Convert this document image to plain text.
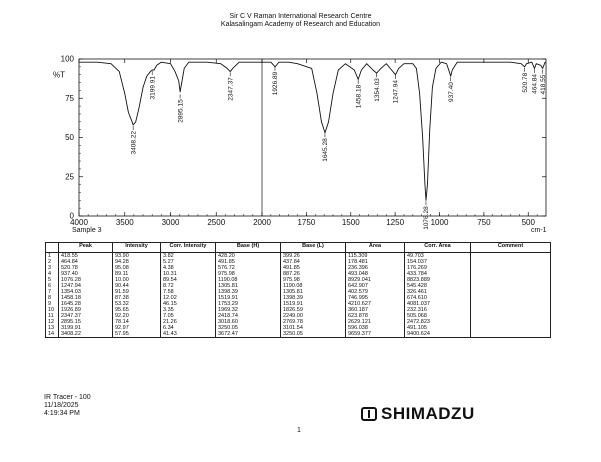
Sir C V Raman International Research Centre
Kalasalingam Academy of Research and Education
0
25
50
75
100
%T
4000	3500	3000	2500	2000	1750	1500	1250	1000	750	500
3408.22
3199.91
2895.15
2347.37	1926.89
1645.28
1458.18 1354.03 1247.94
1076.28
937.40	520.78 464.84 418.55
Sample 3	cm-1
	Peak	Intensity	Corr. Intensity	Base (H)	Base (L)	Area	Corr. Area	Comment
1	418.55	93.90	3.82	428.20	399.26	115.309	49.703	
2	464.84	94.28	5.27	491.85	437.84	178.481	154.037	
3	520.78	95.08	4.38	576.72	491.85	236.396	176.269	
4	937.40	89.11	10.31	975.98	887.26	493.048	433.784	
5	1076.28	10.00	89.54	1190.08	975.98	8929.041	8823.889	
6	1247.94	90.44	8.72	1305.81	1190.08	642.907	545.428	
7	1354.03	91.59	7.58	1398.39	1305.81	402.579	326.461	
8	1458.18	87.38	12.02	1519.91	1398.39	746.995	674.610	
9	1645.28	53.32	46.15	1753.29	1519.91	4210.627	4081.037	
10	1926.89	95.65	3.35	1969.32	1826.59	360.187	232.316	
11	2347.37	92.20	7.05	2418.74	2249.00	623.878	505.068	
12	2895.15	78.14	21.26	3018.60	2769.78	2629.121	2472.823	
13	3199.91	92.97	6.34	3250.05	3101.54	596.038	491.105	
14	3408.22	57.95	41.43	3672.47	3250.05	9659.377	9400.624	
IR Tracer - 100
11/18/2025
4:19:34 PM
1
SHIMADZU
